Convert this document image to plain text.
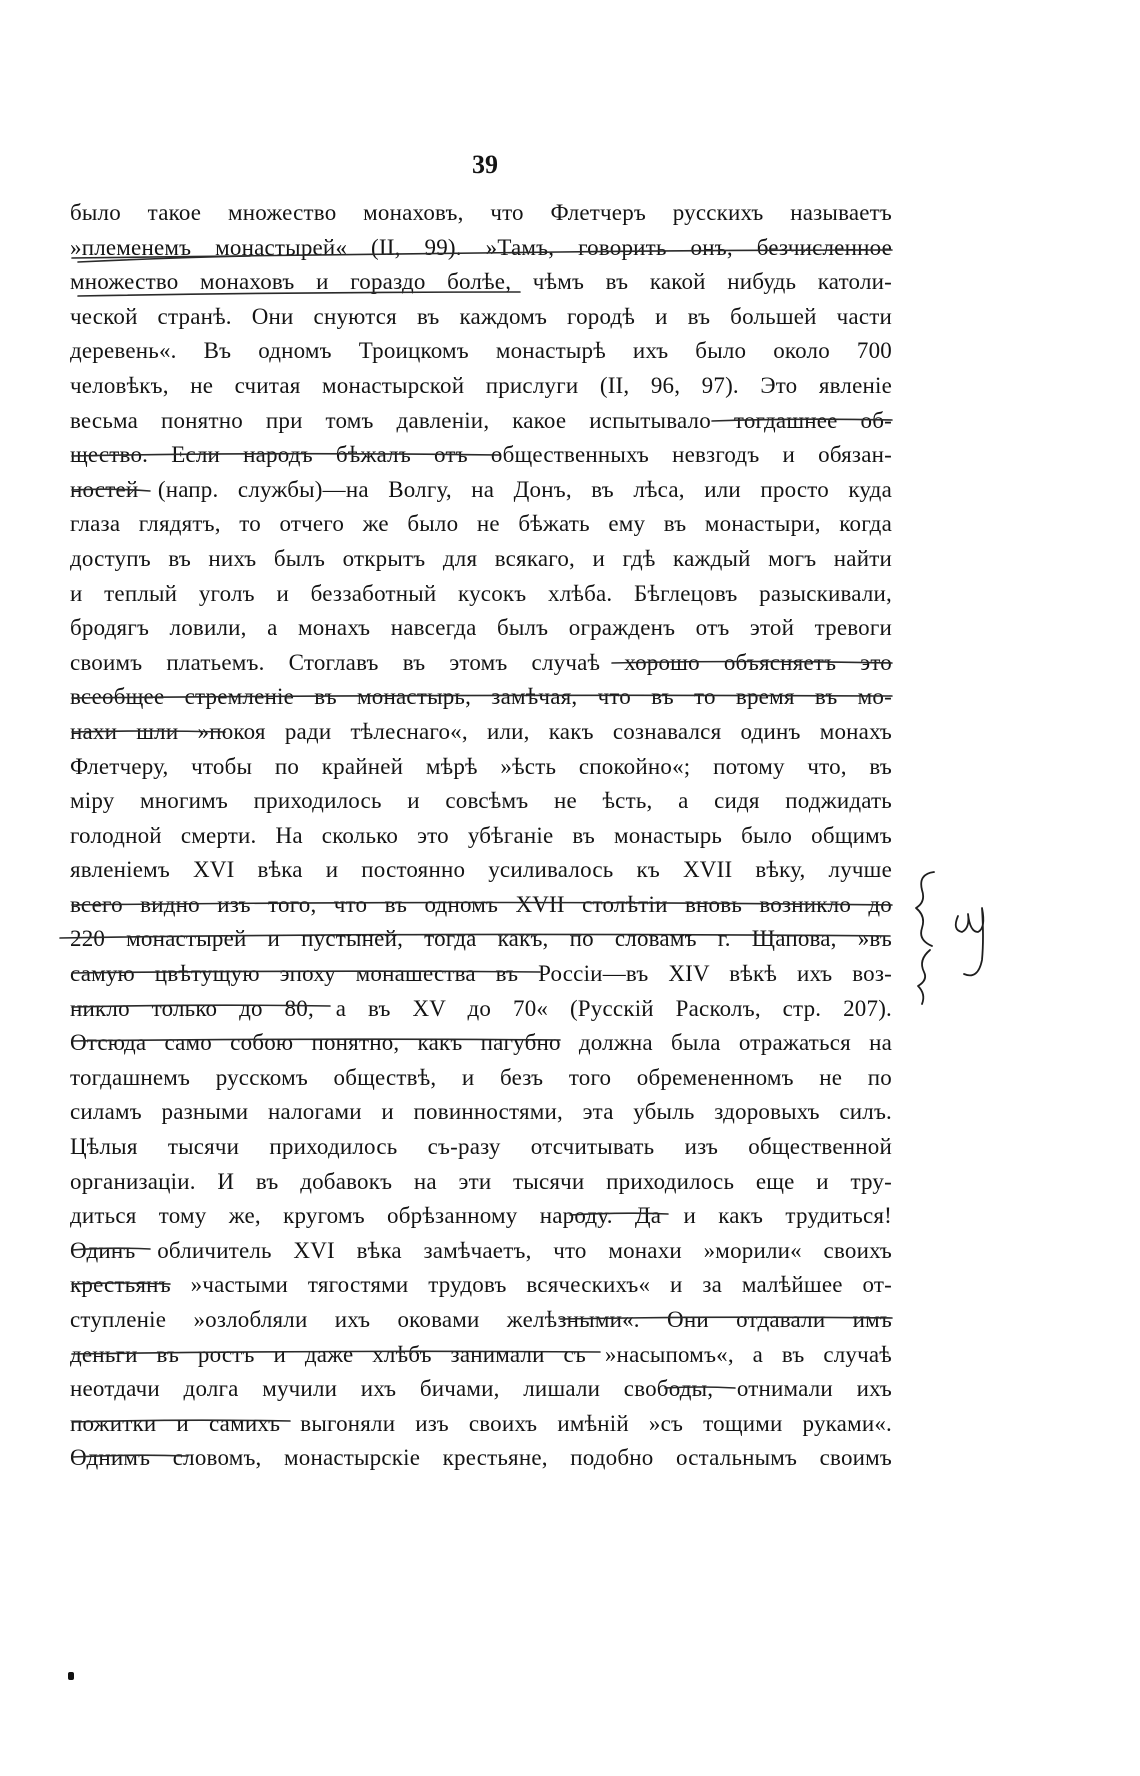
39
было такое множество монаховъ, что Флетчеръ русскихъ называетъ
»племенемъ монастырей« (II, 99). »Тамъ, говорить онъ, безчисленное
множество монаховъ и гораздо болѣе, чѣмъ въ какой нибудь католи-
ческой странѣ. Они снуются въ каждомъ городѣ и въ большей части
деревень«. Въ одномъ Троицкомъ монастырѣ ихъ было около 700
человѣкъ, не считая монастырской прислуги (II, 96, 97). Это явленіе
весьма понятно при томъ давленіи, какое испытывало тогдашнее об-
щество. Если народъ бѣжалъ отъ общественныхъ невзгодъ и обязан-
ностей (напр. службы)—на Волгу, на Донъ, въ лѣса, или просто куда
глаза глядятъ, то отчего же было не бѣжать ему въ монастыри, когда
доступъ въ нихъ былъ открытъ для всякаго, и гдѣ каждый могъ найти
и теплый уголъ и беззаботный кусокъ хлѣба. Бѣглецовъ разыскивали,
бродягъ ловили, а монахъ навсегда былъ огражденъ отъ этой тревоги
своимъ платьемъ. Стоглавъ въ этомъ случаѣ хорошо объясняетъ это
всеобщее стремленіе въ монастырь, замѣчая, что въ то время въ мо-
нахи шли »покоя ради тѣлеснаго«, или, какъ сознавался одинъ монахъ
Флетчеру, чтобы по крайней мѣрѣ »ѣсть спокойно«; потому что, въ
міру многимъ приходилось и совсѣмъ не ѣсть, а сидя поджидать
голодной смерти. На сколько это убѣганіе въ монастырь было общимъ
явленіемъ XVI вѣка и постоянно усиливалось къ XVII вѣку, лучше
всего видно изъ того, что въ одномъ XVII столѣтіи вновь возникло до
220 монастырей и пустыней, тогда какъ, по словамъ г. Щапова, »въ
самую цвѣтущую эпоху монашества въ Россіи—въ XIV вѣкѣ ихъ воз-
никло только до 80, а въ XV до 70« (Русскій Расколъ, стр. 207).
Отсюда само собою понятно, какъ пагубно должна была отражаться на
тогдашнемъ русскомъ обществѣ, и безъ того обремененномъ не по
силамъ разными налогами и повинностями, эта убыль здоровыхъ силъ.
Цѣлыя тысячи приходилось съ-разу отсчитывать изъ общественной
организаціи. И въ добавокъ на эти тысячи приходилось еще и тру-
диться тому же, кругомъ обрѣзанному народу. Да и какъ трудиться!
Одинъ обличитель XVI вѣка замѣчаетъ, что монахи »морили« своихъ
крестьянъ »частыми тягостями трудовъ всяческихъ« и за малѣйшее от-
ступленіе »озлобляли ихъ оковами желѣзными«. Они отдавали имъ
деньги въ ростъ и даже хлѣбъ занимали съ »насыпомъ«, а въ случаѣ
неотдачи долга мучили ихъ бичами, лишали свободы, отнимали ихъ
пожитки и самихъ выгоняли изъ своихъ имѣній »съ тощими руками«.
Однимъ словомъ, монастырскіе крестьяне, подобно остальнымъ своимъ
